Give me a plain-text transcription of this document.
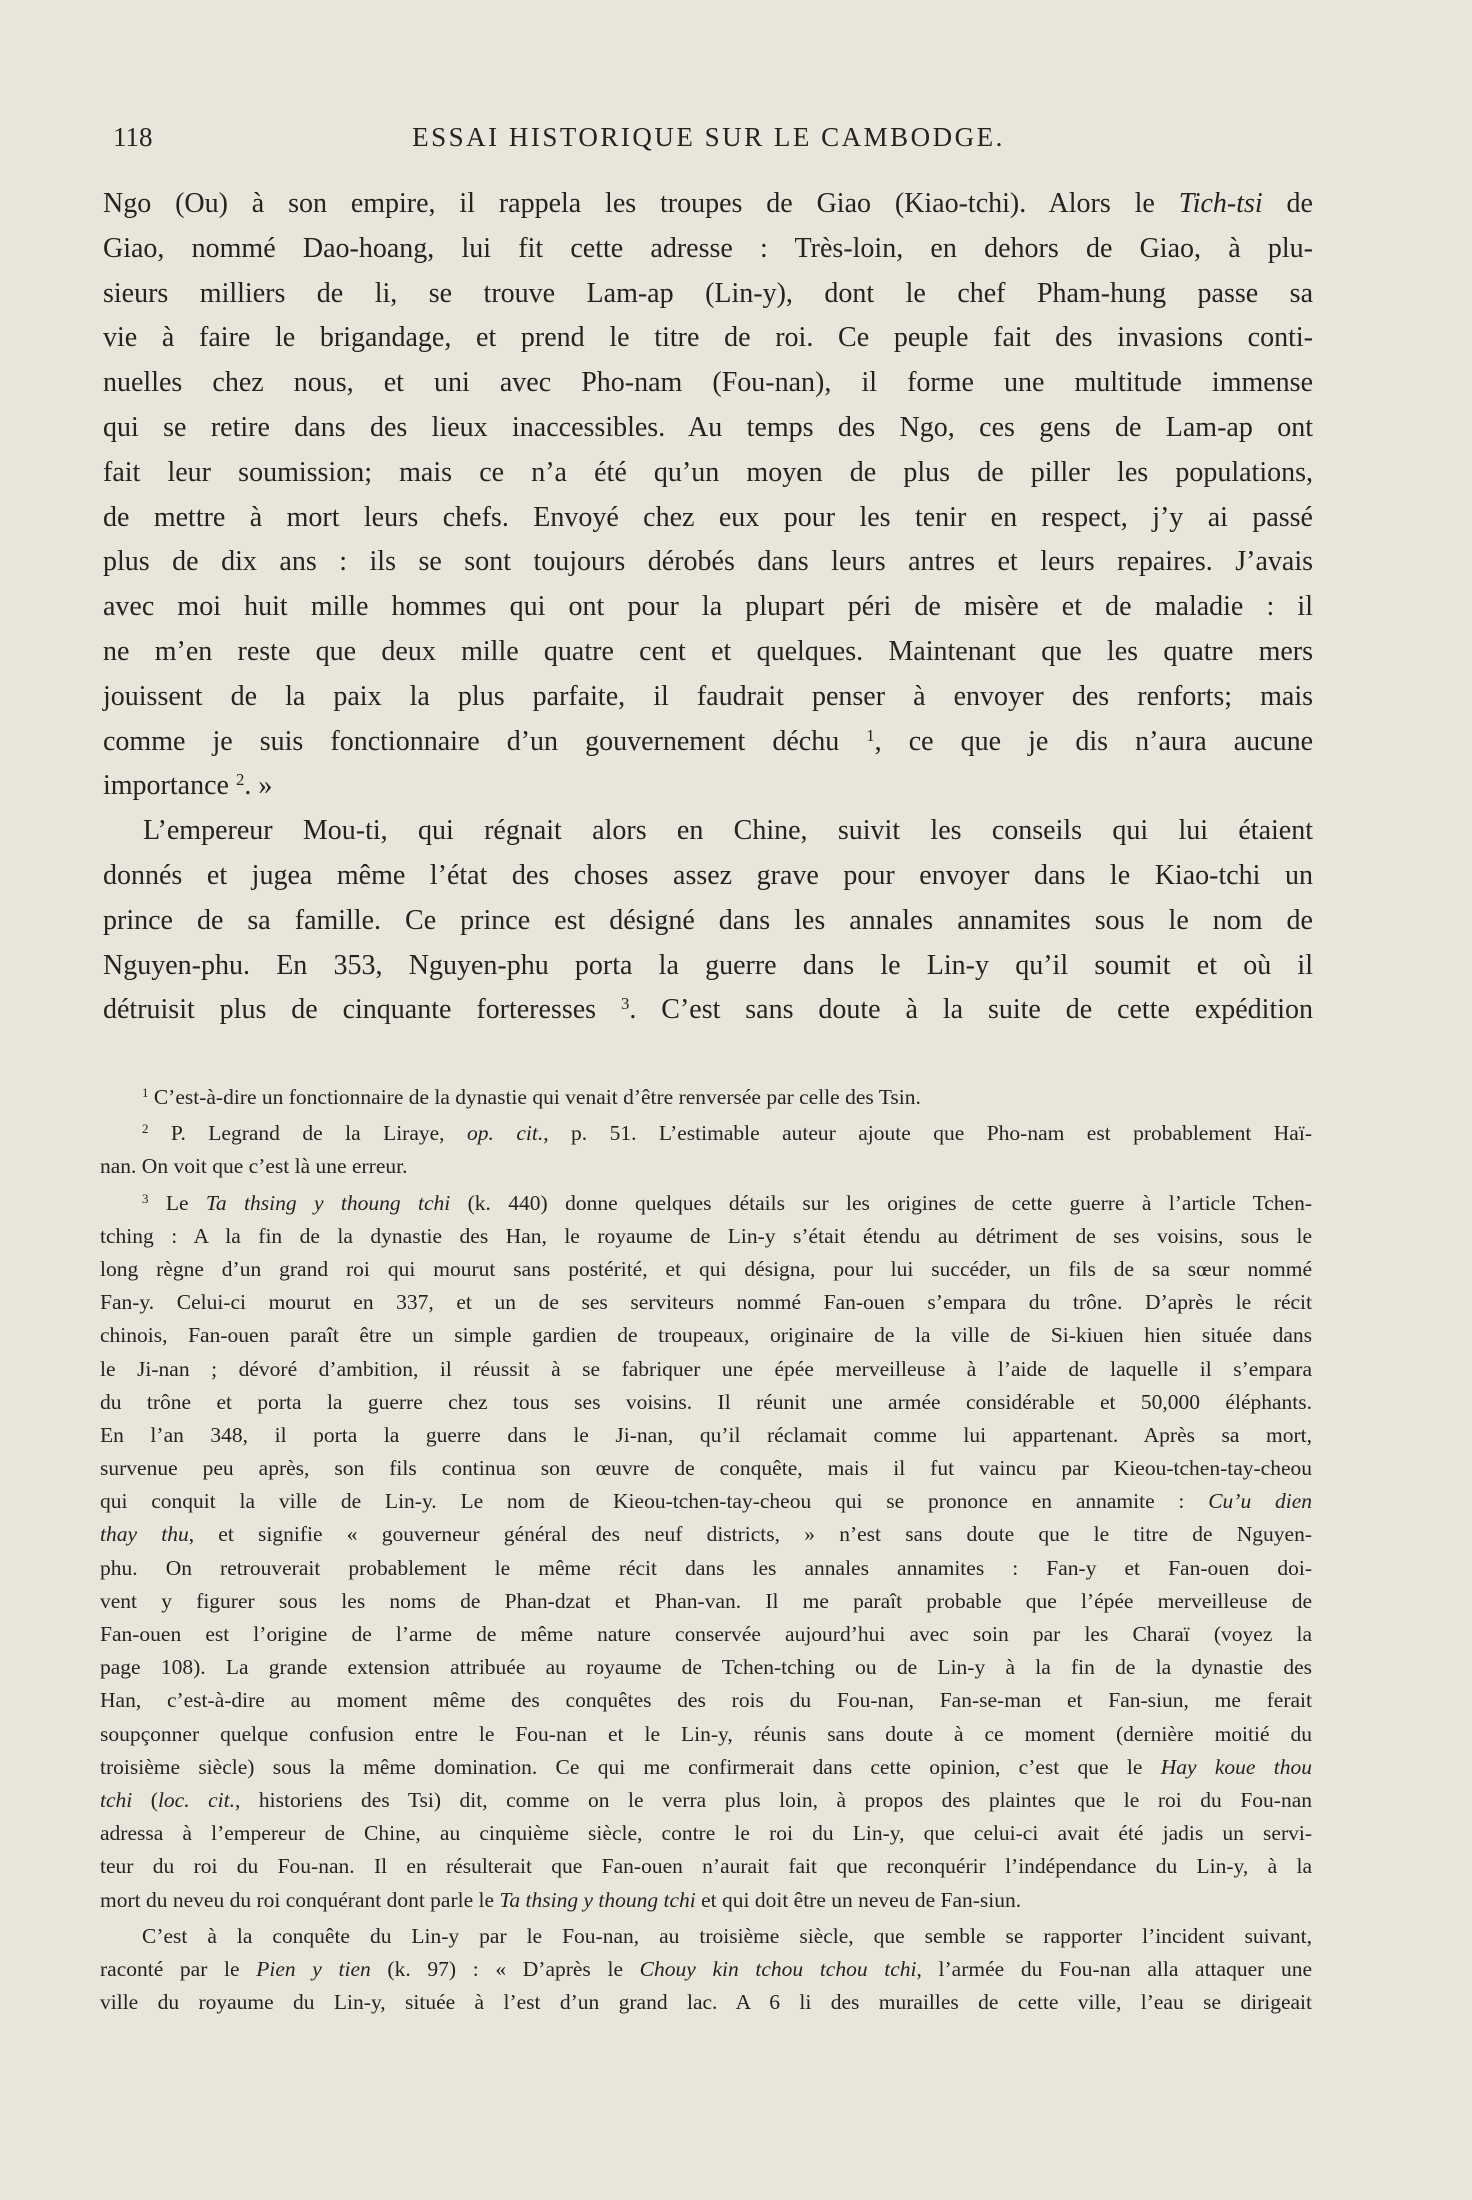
118	ESSAI HISTORIQUE SUR LE CAMBODGE.
Ngo (Ou) à son empire, il rappela les troupes de Giao (Kiao-tchi). Alors le Tich-tsi de
Giao, nommé Dao-hoang, lui fit cette adresse : Très-loin, en dehors de Giao, à plu-
sieurs milliers de li, se trouve Lam-ap (Lin-y), dont le chef Pham-hung passe sa
vie à faire le brigandage, et prend le titre de roi. Ce peuple fait des invasions conti-
nuelles chez nous, et uni avec Pho-nam (Fou-nan), il forme une multitude immense
qui se retire dans des lieux inaccessibles. Au temps des Ngo, ces gens de Lam-ap ont
fait leur soumission; mais ce n’a été qu’un moyen de plus de piller les populations,
de mettre à mort leurs chefs. Envoyé chez eux pour les tenir en respect, j’y ai passé
plus de dix ans : ils se sont toujours dérobés dans leurs antres et leurs repaires. J’avais
avec moi huit mille hommes qui ont pour la plupart péri de misère et de maladie : il
ne m’en reste que deux mille quatre cent et quelques. Maintenant que les quatre mers
jouissent de la paix la plus parfaite, il faudrait penser à envoyer des renforts; mais
comme je suis fonctionnaire d’un gouvernement déchu $^1$, ce que je dis n’aura aucune
importance $^2$. »
L’empereur Mou-ti, qui régnait alors en Chine, suivit les conseils qui lui étaient
donnés et jugea même l’état des choses assez grave pour envoyer dans le Kiao-tchi un
prince de sa famille. Ce prince est désigné dans les annales annamites sous le nom de
Nguyen-phu. En 353, Nguyen-phu porta la guerre dans le Lin-y qu’il soumit et où il
détruisit plus de cinquante forteresses $^3$. C’est sans doute à la suite de cette expédition
$^1$ C’est-à-dire un fonctionnaire de la dynastie qui venait d’être renversée par celle des Tsin.
$^2$ P. Legrand de la Liraye, op. cit., p. 51. L’estimable auteur ajoute que Pho-nam est probablement Haï-
nan. On voit que c’est là une erreur.
$^3$ Le Ta thsing y thoung tchi (k. 440) donne quelques détails sur les origines de cette guerre à l’article Tchen-
tching : A la fin de la dynastie des Han, le royaume de Lin-y s’était étendu au détriment de ses voisins, sous le
long règne d’un grand roi qui mourut sans postérité, et qui désigna, pour lui succéder, un fils de sa sœur nommé
Fan-y. Celui-ci mourut en 337, et un de ses serviteurs nommé Fan-ouen s’empara du trône. D’après le récit
chinois, Fan-ouen paraît être un simple gardien de troupeaux, originaire de la ville de Si-kiuen hien située dans
le Ji-nan ; dévoré d’ambition, il réussit à se fabriquer une épée merveilleuse à l’aide de laquelle il s’empara
du trône et porta la guerre chez tous ses voisins. Il réunit une armée considérable et 50,000 éléphants.
En l’an 348, il porta la guerre dans le Ji-nan, qu’il réclamait comme lui appartenant. Après sa mort,
survenue peu après, son fils continua son œuvre de conquête, mais il fut vaincu par Kieou-tchen-tay-cheou
qui conquit la ville de Lin-y. Le nom de Kieou-tchen-tay-cheou qui se prononce en annamite : Cu’u dien
thay thu, et signifie « gouverneur général des neuf districts, » n’est sans doute que le titre de Nguyen-
phu. On retrouverait probablement le même récit dans les annales annamites : Fan-y et Fan-ouen doi-
vent y figurer sous les noms de Phan-dzat et Phan-van. Il me paraît probable que l’épée merveilleuse de
Fan-ouen est l’origine de l’arme de même nature conservée aujourd’hui avec soin par les Charaï (voyez la
page 108). La grande extension attribuée au royaume de Tchen-tching ou de Lin-y à la fin de la dynastie des
Han, c’est-à-dire au moment même des conquêtes des rois du Fou-nan, Fan-se-man et Fan-siun, me ferait
soupçonner quelque confusion entre le Fou-nan et le Lin-y, réunis sans doute à ce moment (dernière moitié du
troisième siècle) sous la même domination. Ce qui me confirmerait dans cette opinion, c’est que le Hay koue thou
tchi (loc. cit., historiens des Tsi) dit, comme on le verra plus loin, à propos des plaintes que le roi du Fou-nan
adressa à l’empereur de Chine, au cinquième siècle, contre le roi du Lin-y, que celui-ci avait été jadis un servi-
teur du roi du Fou-nan. Il en résulterait que Fan-ouen n’aurait fait que reconquérir l’indépendance du Lin-y, à la
mort du neveu du roi conquérant dont parle le Ta thsing y thoung tchi et qui doit être un neveu de Fan-siun.
C’est à la conquête du Lin-y par le Fou-nan, au troisième siècle, que semble se rapporter l’incident suivant,
raconté par le Pien y tien (k. 97) : « D’après le Chouy kin tchou tchou tchi, l’armée du Fou-nan alla attaquer une
ville du royaume du Lin-y, située à l’est d’un grand lac. A 6 li des murailles de cette ville, l’eau se dirigeait
